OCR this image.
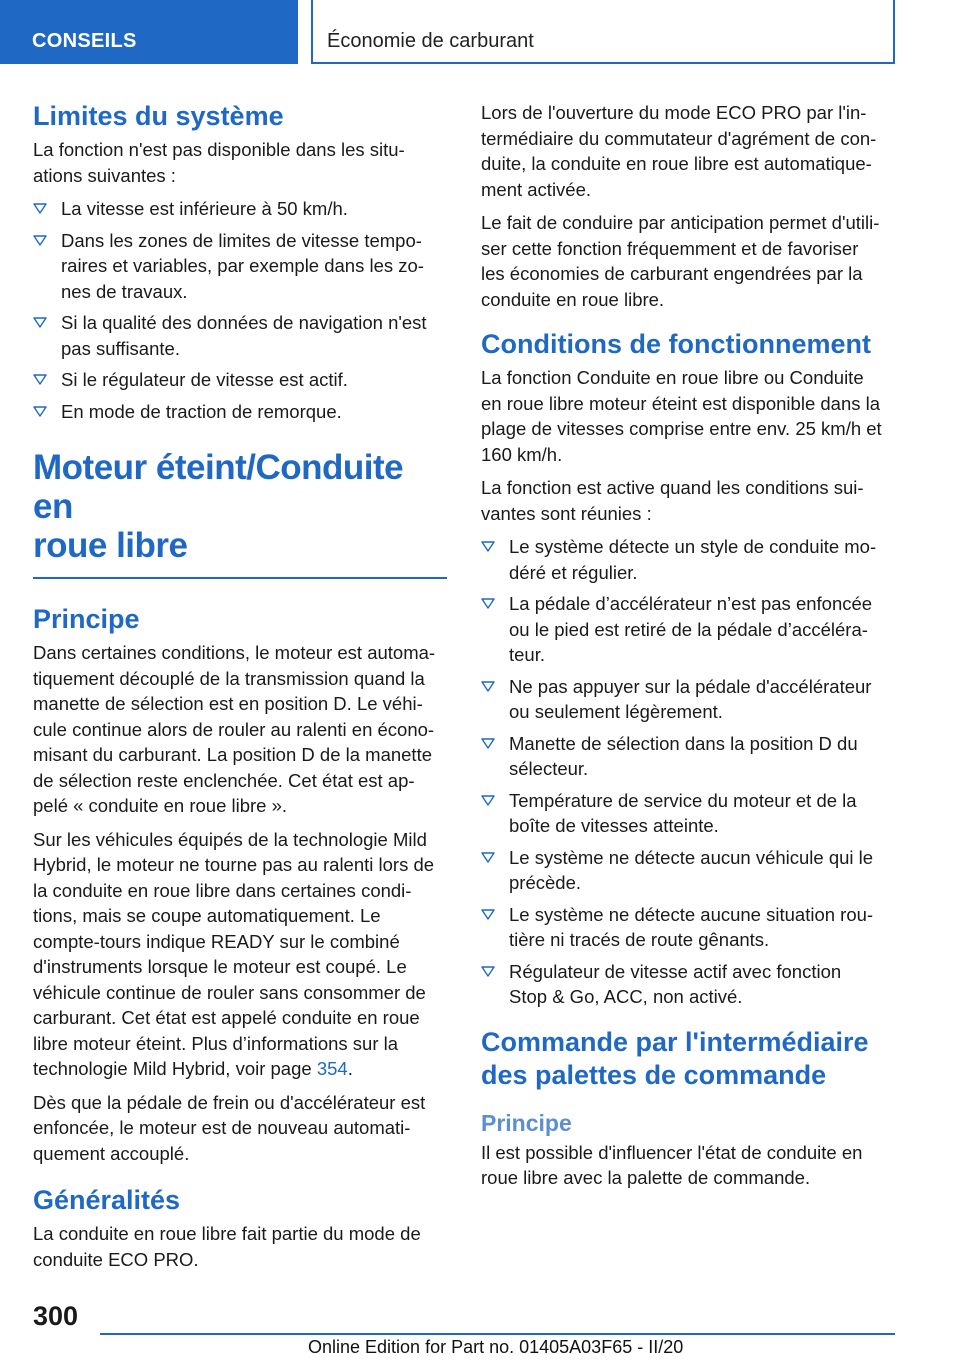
CONSEILS	Économie de carburant
Limites du système
La fonction n'est pas disponible dans les situ-
ations suivantes :
La vitesse est inférieure à 50 km/h.
Dans les zones de limites de vitesse tempo-
raires et variables, par exemple dans les zo-
nes de travaux.
Si la qualité des données de navigation n'est
pas suffisante.
Si le régulateur de vitesse est actif.
En mode de traction de remorque.
Moteur éteint/Conduite en
roue libre
Principe
Dans certaines conditions, le moteur est automa-
tiquement découplé de la transmission quand la
manette de sélection est en position D. Le véhi-
cule continue alors de rouler au ralenti en écono-
misant du carburant. La position D de la manette
de sélection reste enclenchée. Cet état est ap-
pelé « conduite en roue libre ».
Sur les véhicules équipés de la technologie Mild
Hybrid, le moteur ne tourne pas au ralenti lors de
la conduite en roue libre dans certaines condi-
tions, mais se coupe automatiquement. Le
compte-tours indique READY sur le combiné
d'instruments lorsque le moteur est coupé. Le
véhicule continue de rouler sans consommer de
carburant. Cet état est appelé conduite en roue
libre moteur éteint. Plus d’informations sur la
technologie Mild Hybrid, voir page 354.
Dès que la pédale de frein ou d'accélérateur est
enfoncée, le moteur est de nouveau automati-
quement accouplé.
Généralités
La conduite en roue libre fait partie du mode de
conduite ECO PRO.
Lors de l'ouverture du mode ECO PRO par l'in-
termédiaire du commutateur d'agrément de con-
duite, la conduite en roue libre est automatique-
ment activée.
Le fait de conduire par anticipation permet d'utili-
ser cette fonction fréquemment et de favoriser
les économies de carburant engendrées par la
conduite en roue libre.
Conditions de fonctionnement
La fonction Conduite en roue libre ou Conduite
en roue libre moteur éteint est disponible dans la
plage de vitesses comprise entre env. 25 km/h et
160 km/h.
La fonction est active quand les conditions sui-
vantes sont réunies :
Le système détecte un style de conduite mo-
déré et régulier.
La pédale d’accélérateur n’est pas enfoncée
ou le pied est retiré de la pédale d’accéléra-
teur.
Ne pas appuyer sur la pédale d'accélérateur
ou seulement légèrement.
Manette de sélection dans la position D du
sélecteur.
Température de service du moteur et de la
boîte de vitesses atteinte.
Le système ne détecte aucun véhicule qui le
précède.
Le système ne détecte aucune situation rou-
tière ni tracés de route gênants.
Régulateur de vitesse actif avec fonction
Stop & Go, ACC, non activé.
Commande par l'intermédiaire
des palettes de commande
Principe
Il est possible d'influencer l'état de conduite en
roue libre avec la palette de commande.
300
Online Edition for Part no. 01405A03F65 - II/20
